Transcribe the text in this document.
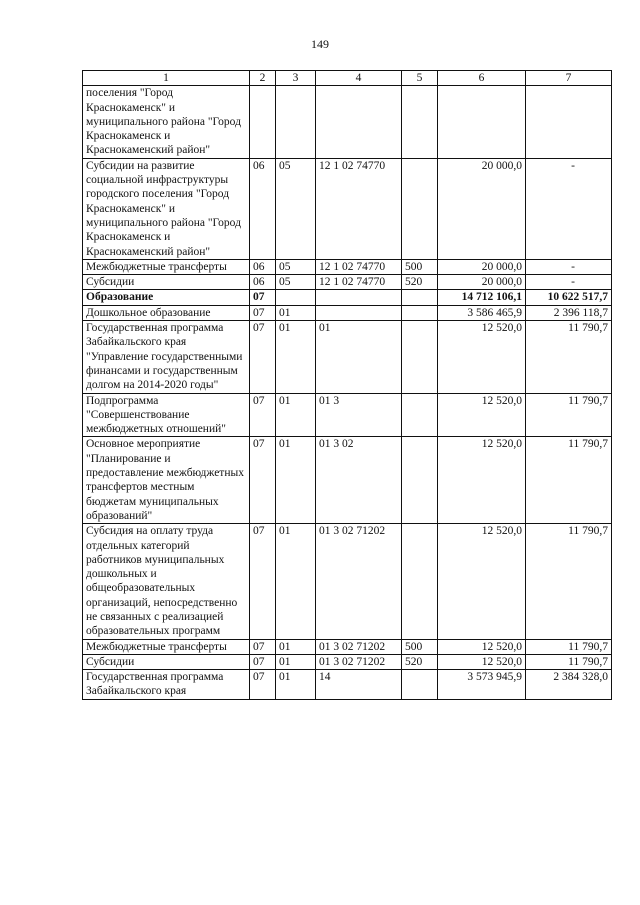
149
1	2	3	4	5	6	7
поселения "Город Краснокаменск" и муниципального района "Город Краснокаменск и Краснокаменский район"						
Субсидии на развитие социальной инфраструктуры городского поселения "Город Краснокаменск" и муниципального района "Город Краснокаменск и Краснокаменский район"	06	05	12 1 02 74770		20 000,0	-
Межбюджетные трансферты	06	05	12 1 02 74770	500	20 000,0	-
Субсидии	06	05	12 1 02 74770	520	20 000,0	-
Образование	07				14 712 106,1	10 622 517,7
Дошкольное образование	07	01			3 586 465,9	2 396 118,7
Государственная программа Забайкальского края "Управление государственными финансами и государственным долгом на 2014-2020 годы"	07	01	01		12 520,0	11 790,7
Подпрограмма "Совершенствование межбюджетных отношений"	07	01	01 3		12 520,0	11 790,7
Основное мероприятие "Планирование и предоставление межбюджетных трансфертов местным бюджетам муниципальных образований"	07	01	01 3 02		12 520,0	11 790,7
Субсидия на оплату труда отдельных категорий работников муниципальных дошкольных и общеобразовательных организаций, непосредственно не связанных с реализацией образовательных программ	07	01	01 3 02 71202		12 520,0	11 790,7
Межбюджетные трансферты	07	01	01 3 02 71202	500	12 520,0	11 790,7
Субсидии	07	01	01 3 02 71202	520	12 520,0	11 790,7
Государственная программа Забайкальского края	07	01	14		3 573 945,9	2 384 328,0
